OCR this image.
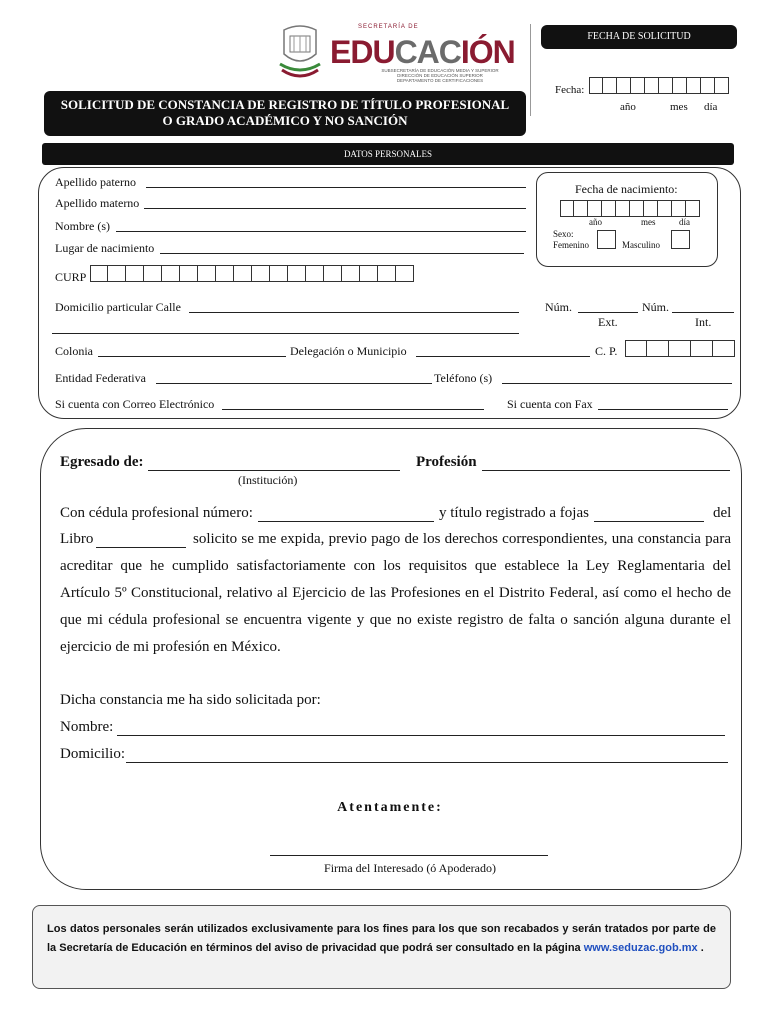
SECRETARÍA DE
EDUCACIÓN
SUBSECRETARÍA DE EDUCACIÓN MEDIA Y SUPERIOR
DIRECCIÓN DE EDUCACIÓN SUPERIOR
DEPARTAMENTO DE CERTIFICACIONES
FECHA DE SOLICITUD
Fecha:
año	mes día
SOLICITUD DE CONSTANCIA DE REGISTRO DE TÍTULO PROFESIONAL
O GRADO ACADÉMICO Y NO SANCIÓN
DATOS PERSONALES
Apellido paterno
Apellido materno
Nombre (s)
Lugar de nacimiento
Fecha de nacimiento:
año	mes	día
Sexo:
Femenino	Masculino
CURP
Domicilio particular Calle	Núm.	Núm.
Ext.	Int.
Colonia	Delegación o Municipio	C. P.
Entidad Federativa	Teléfono (s)
Si cuenta con Correo Electrónico	Si cuenta con Fax
Egresado de:
(Institución)
Profesión
Con cédula profesional número:	y título registrado a fojas	del
Libro	solicito se me expida, previo pago de los derechos correspondientes, una constancia para
acreditar que he cumplido satisfactoriamente con los requisitos que establece la Ley Reglamentaria del
Artículo 5º Constitucional, relativo al Ejercicio de las Profesiones en el Distrito Federal, así como el hecho de
que mi cédula profesional se encuentra vigente y que no existe registro de falta o sanción alguna durante el
ejercicio de mi profesión en México.
Dicha constancia me ha sido solicitada por:
Nombre:
Domicilio:
Atentamente:
Firma del Interesado (ó Apoderado)
Los datos personales serán utilizados exclusivamente para los fines para los que son recabados y serán tratados por parte de la Secretaría de Educación en términos del aviso de privacidad que podrá ser consultado en la página www.seduzac.gob.mx .
